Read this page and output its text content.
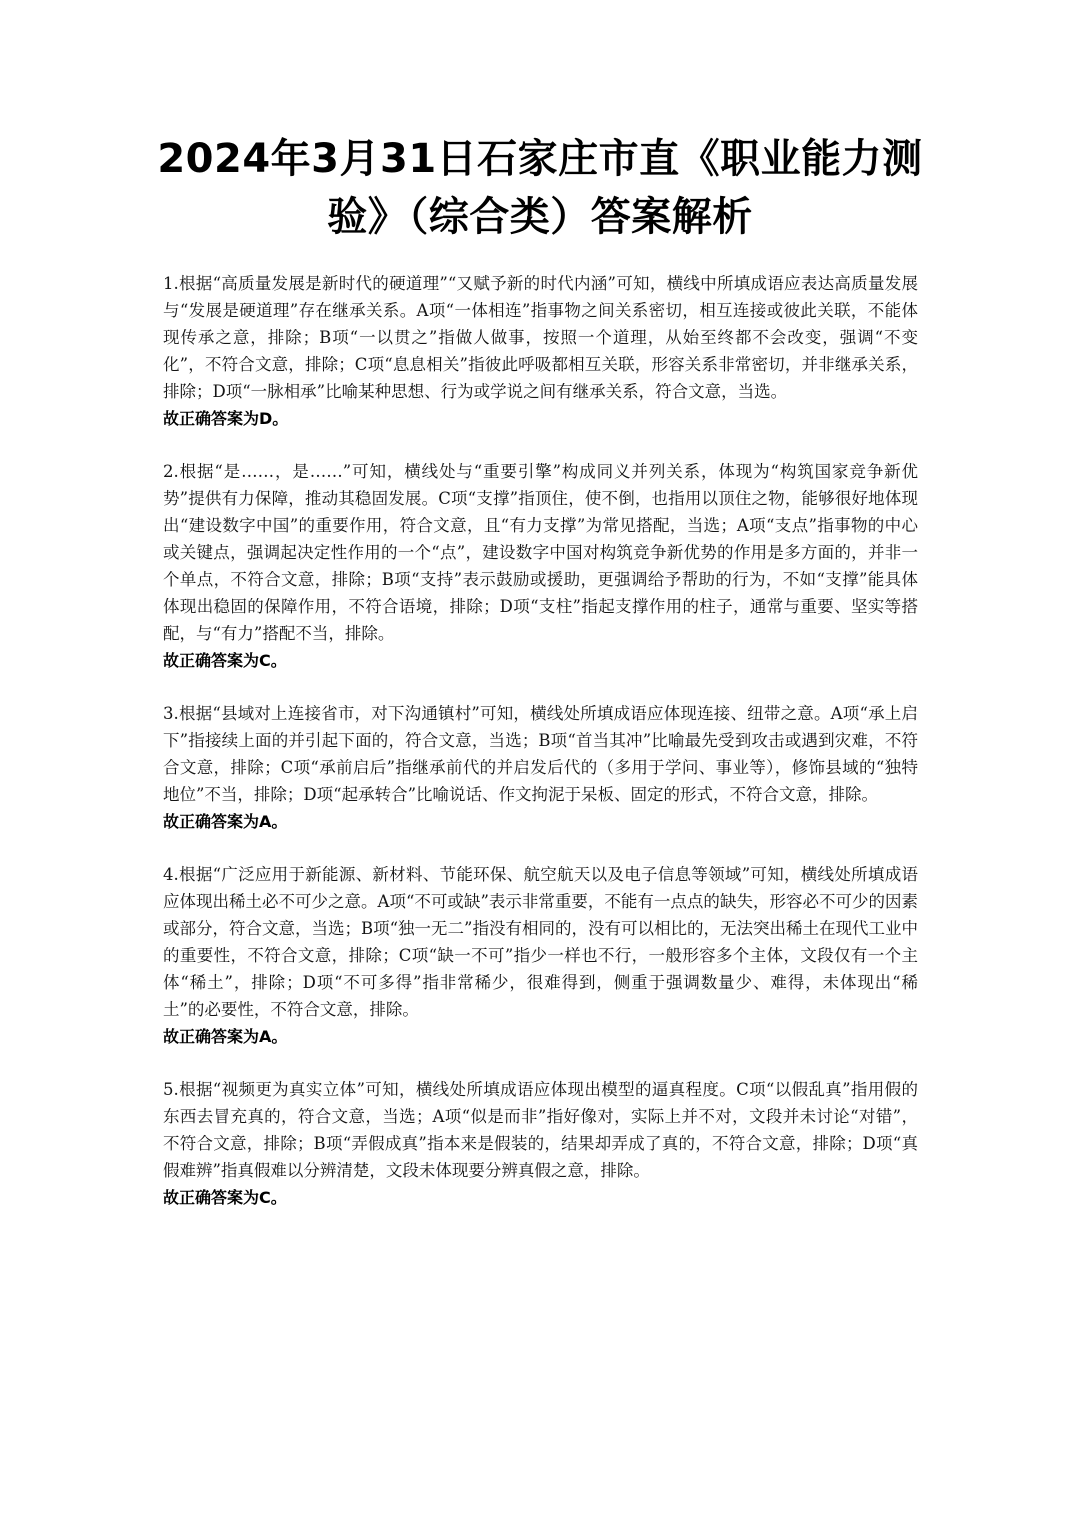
2024年3月31日石家庄市直《职业能力测验》（综合类）答案解析

1.根据“高质量发展是新时代的硬道理”“又赋予新的时代内涵”可知，横线中所填成语应表达高质量发展与“发展是硬道理”存在继承关系。A项“一体相连”指事物之间关系密切，相互连接或彼此关联，不能体现传承之意，排除；B项“一以贯之”指做人做事，按照一个道理，从始至终都不会改变，强调“不变化”，不符合文意，排除；C项“息息相关”指彼此呼吸都相互关联，形容关系非常密切，并非继承关系，排除；D项“一脉相承”比喻某种思想、行为或学说之间有继承关系，符合文意，当选。

故正确答案为D。

2.根据“是……，是……”可知，横线处与“重要引擎”构成同义并列关系，体现为“构筑国家竞争新优势”提供有力保障，推动其稳固发展。C项“支撑”指顶住，使不倒，也指用以顶住之物，能够很好地体现出“建设数字中国”的重要作用，符合文意，且“有力支撑”为常见搭配，当选；A项“支点”指事物的中心或关键点，强调起决定性作用的一个“点”，建设数字中国对构筑竞争新优势的作用是多方面的，并非一个单点，不符合文意，排除；B项“支持”表示鼓励或援助，更强调给予帮助的行为，不如“支撑”能具体体现出稳固的保障作用，不符合语境，排除；D项“支柱”指起支撑作用的柱子，通常与重要、坚实等搭配，与“有力”搭配不当，排除。

故正确答案为C。

3.根据“县域对上连接省市，对下沟通镇村”可知，横线处所填成语应体现连接、纽带之意。A项“承上启下”指接续上面的并引起下面的，符合文意，当选；B项“首当其冲”比喻最先受到攻击或遇到灾难，不符合文意，排除；C项“承前启后”指继承前代的并启发后代的（多用于学问、事业等），修饰县域的“独特地位”不当，排除；D项“起承转合”比喻说话、作文拘泥于呆板、固定的形式，不符合文意，排除。

故正确答案为A。

4.根据“广泛应用于新能源、新材料、节能环保、航空航天以及电子信息等领域”可知，横线处所填成语应体现出稀土必不可少之意。A项“不可或缺”表示非常重要，不能有一点点的缺失，形容必不可少的因素或部分，符合文意，当选；B项“独一无二”指没有相同的，没有可以相比的，无法突出稀土在现代工业中的重要性，不符合文意，排除；C项“缺一不可”指少一样也不行，一般形容多个主体，文段仅有一个主体“稀土”，排除；D项“不可多得”指非常稀少，很难得到，侧重于强调数量少、难得，未体现出“稀土”的必要性，不符合文意，排除。

故正确答案为A。

5.根据“视频更为真实立体”可知，横线处所填成语应体现出模型的逼真程度。C项“以假乱真”指用假的东西去冒充真的，符合文意，当选；A项“似是而非”指好像对，实际上并不对，文段并未讨论“对错”，不符合文意，排除；B项“弄假成真”指本来是假装的，结果却弄成了真的，不符合文意，排除；D项“真假难辨”指真假难以分辨清楚，文段未体现要分辨真假之意，排除。

故正确答案为C。
